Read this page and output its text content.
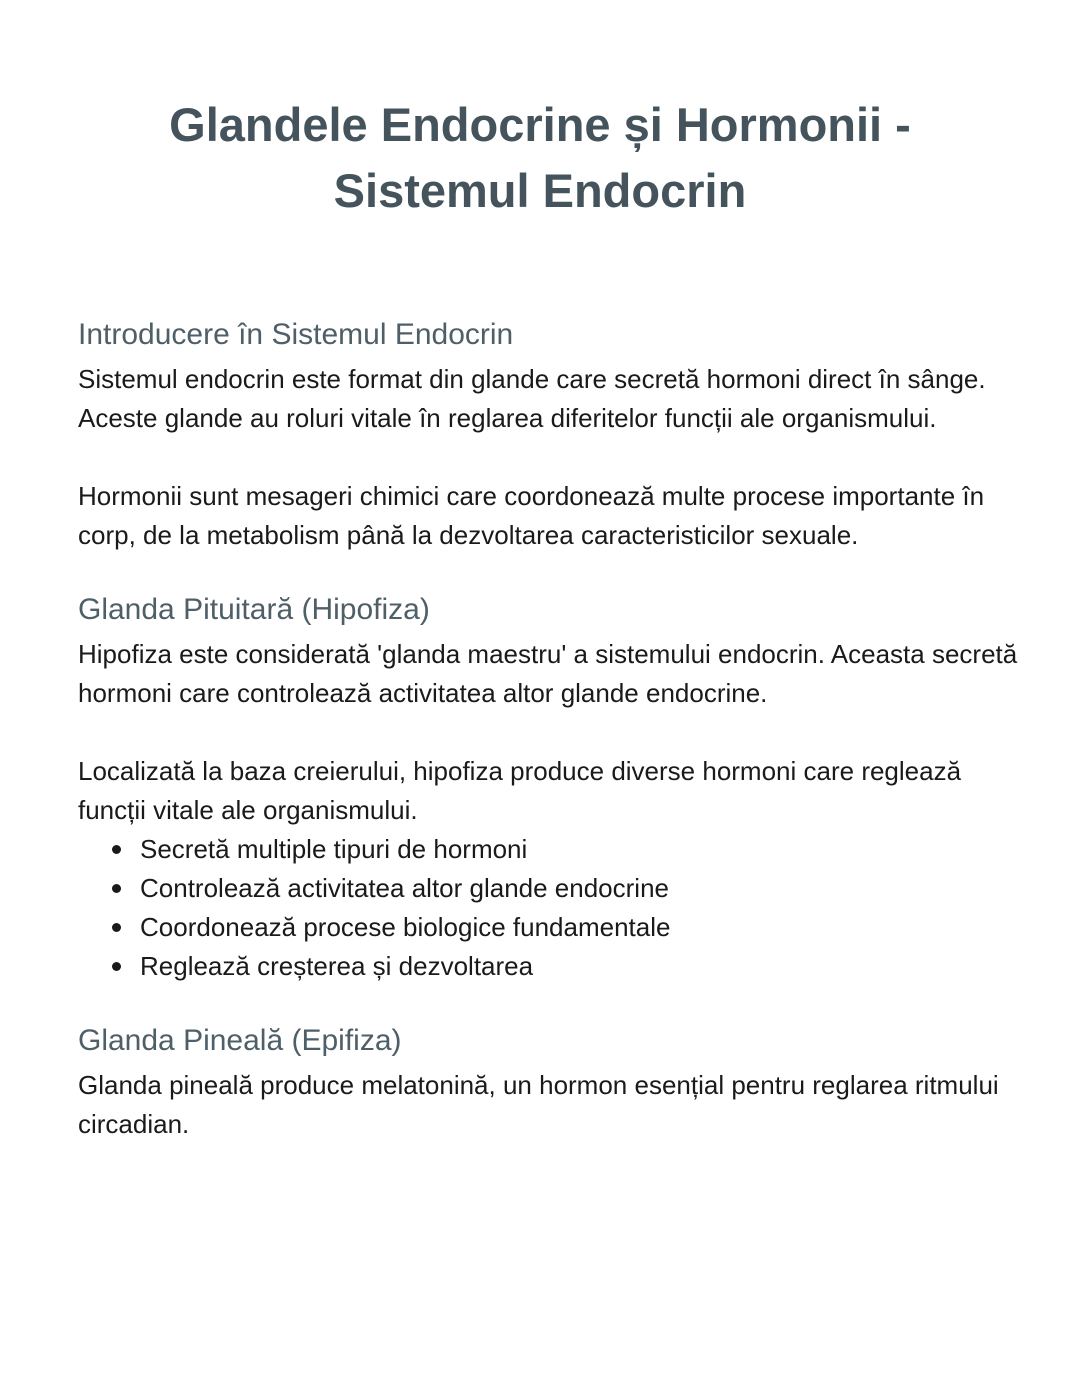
Glandele Endocrine și Hormonii - Sistemul Endocrin
Introducere în Sistemul Endocrin

Sistemul endocrin este format din glande care secretă hormoni direct în sânge. Aceste glande au roluri vitale în reglarea diferitelor funcții ale organismului.

Hormonii sunt mesageri chimici care coordonează multe procese importante în corp, de la metabolism până la dezvoltarea caracteristicilor sexuale.

Glanda Pituitară (Hipofiza)

Hipofiza este considerată 'glanda maestru' a sistemului endocrin. Aceasta secretă hormoni care controlează activitatea altor glande endocrine.

Localizată la baza creierului, hipofiza produce diverse hormoni care reglează funcții vitale ale organismului.

Secretă multiple tipuri de hormoni
Controlează activitatea altor glande endocrine
Coordonează procese biologice fundamentale
Reglează creșterea și dezvoltarea
Glanda Pineală (Epifiza)

Glanda pineală produce melatonină, un hormon esențial pentru reglarea ritmului circadian.
